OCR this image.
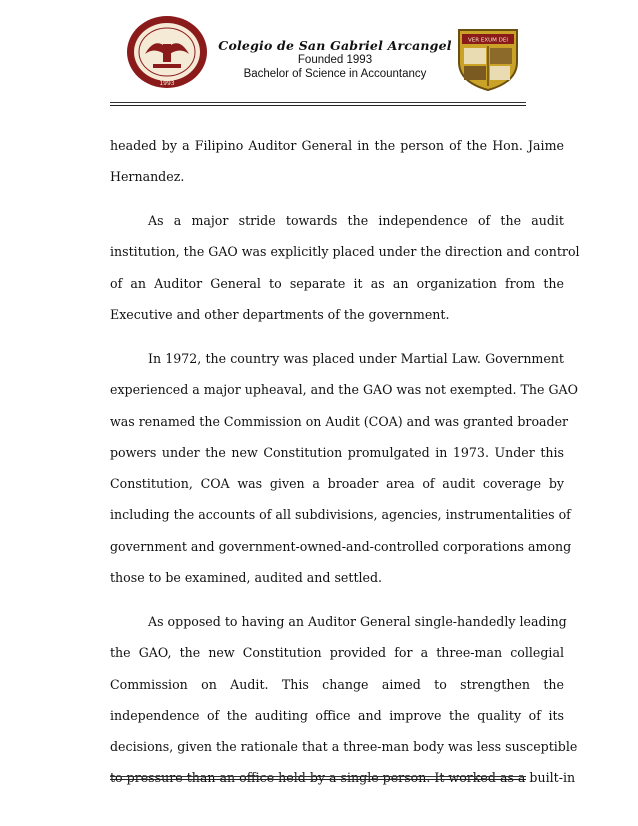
1993
Colegio de San Gabriel Arcangel
Founded 1993
Bachelor of Science in Accountancy
VER EXUM DEI
headed by a Filipino Auditor General in the person of the Hon. Jaime
Hernandez.
As a major stride towards the independence of the audit
institution, the GAO was explicitly placed under the direction and control
of an Auditor General to separate it as an organization from the
Executive and other departments of the government.
In 1972, the country was placed under Martial Law. Government
experienced a major upheaval, and the GAO was not exempted. The GAO
was renamed the Commission on Audit (COA) and was granted broader
powers under the new Constitution promulgated in 1973. Under this
Constitution, COA was given a broader area of audit coverage by
including the accounts of all subdivisions, agencies, instrumentalities of
government and government-owned-and-controlled corporations among
those to be examined, audited and settled.
As opposed to having an Auditor General single-handedly leading
the GAO, the new Constitution provided for a three-man collegial
Commission on Audit. This change aimed to strengthen the
independence of the auditing office and improve the quality of its
decisions, given the rationale that a three-man body was less susceptible
to pressure than an office held by a single person. It worked as a built-in
